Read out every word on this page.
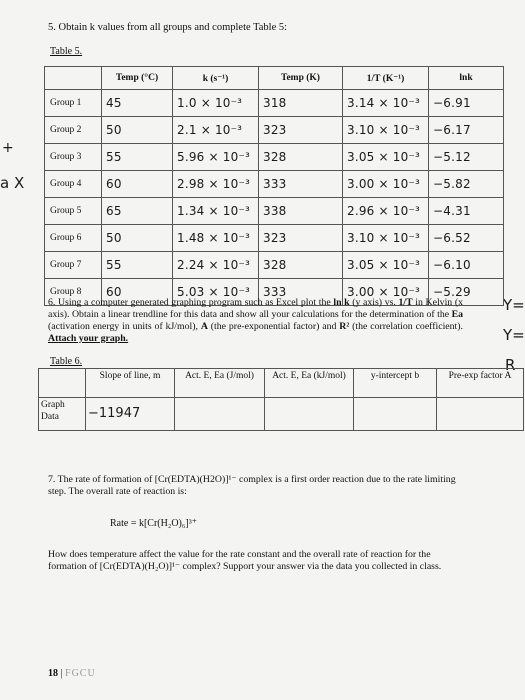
+
a X
Y=
Y=
R
5. Obtain k values from all groups and complete Table 5:
Table 5.
	Temp (°C)	k (s⁻¹)	Temp (K)	1/T (K⁻¹)	lnk
Group 1	45	1.0 × 10⁻³	318	3.14 × 10⁻³	−6.91
Group 2	50	2.1 × 10⁻³	323	3.10 × 10⁻³	−6.17
Group 3	55	5.96 × 10⁻³	328	3.05 × 10⁻³	−5.12
Group 4	60	2.98 × 10⁻³	333	3.00 × 10⁻³	−5.82
Group 5	65	1.34 × 10⁻³	338	2.96 × 10⁻³	−4.31
Group 6	50	1.48 × 10⁻³	323	3.10 × 10⁻³	−6.52
Group 7	55	2.24 × 10⁻³	328	3.05 × 10⁻³	−6.10
Group 8	60	5.03 × 10⁻³	333	3.00 × 10⁻³	−5.29
6. Using a computer generated graphing program such as Excel plot the ln k (y axis) vs. 1/T in Kelvin (x axis). Obtain a linear trendline for this data and show all your calculations for the determination of the Ea (activation energy in units of kJ/mol), A (the pre-exponential factor) and R² (the correlation coefficient). Attach your graph.
Table 6.
	Slope of line, m	Act. E, Ea (J/mol)	Act. E, Ea (kJ/mol)	y-intercept b	Pre-exp factor A
Graph Data	−11947				
7. The rate of formation of [Cr(EDTA)(H2O)]¹⁻ complex is a first order reaction due to the rate limiting step. The overall rate of reaction is:
Rate = k[Cr(H₂O)₆]³⁺
How does temperature affect the value for the rate constant and the overall rate of reaction for the formation of [Cr(EDTA)(H₂O)]¹⁻ complex? Support your answer via the data you collected in class.
18 | FGCU
